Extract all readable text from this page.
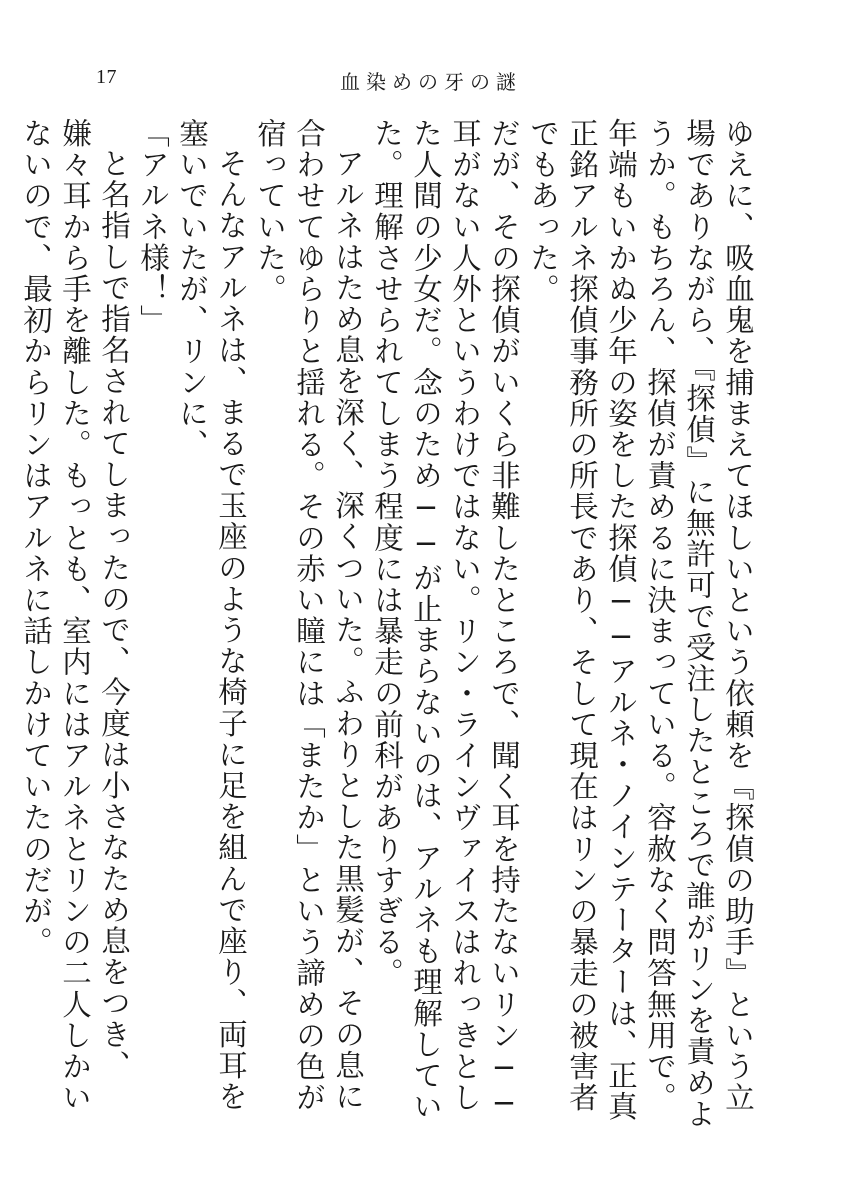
17	血染めの牙の謎

ゆえに、吸血鬼を捕まえてほしいという依頼を『探偵の助手』という立場でありながら、『探偵』に無許可で受注したところで誰がリンを責めようか。もちろん、探偵が責めるに決まっている。容赦なく問答無用で。

年端もいかぬ少年の姿をした探偵──アルネ・ノインテーターは、正真正銘アルネ探偵事務所の所長であり、そして現在はリンの暴走の被害者でもあった。

だが、その探偵がいくら非難したところで、聞く耳を持たないリン──耳がない人外というわけではない。リン・ラインヴァイスはれっきとした人間の少女だ。念のため──が止まらないのは、アルネも理解していた。理解させられてしまう程度には暴走の前科がありすぎる。

アルネはため息を深く、深くついた。ふわりとした黒髪が、その息に合わせてゆらりと揺れる。その赤い瞳には「またか」という諦めの色が宿っていた。

そんなアルネは、まるで玉座のような椅子に足を組んで座り、両耳を塞いでいたが、リンに、

「アルネ様！」

と名指しで指名されてしまったので、今度は小さなため息をつき、嫌々耳から手を離した。もっとも、室内にはアルネとリンの二人しかいないので、最初からリンはアルネに話しかけていたのだが。
